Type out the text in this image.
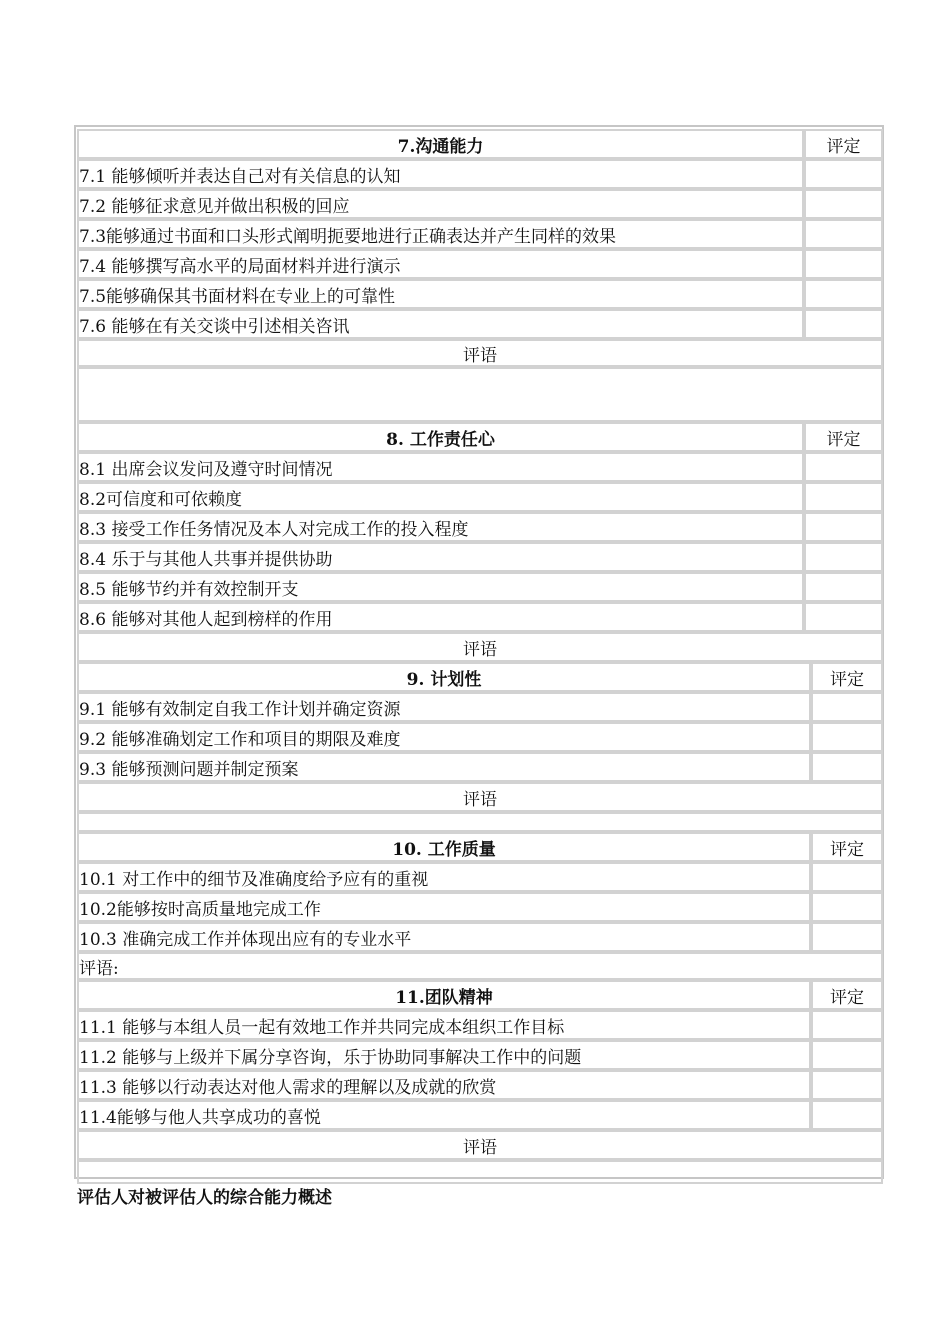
7.沟通能力	评定
7.1 能够倾听并表达自己对有关信息的认知
7.2 能够征求意见并做出积极的回应
7.3能够通过书面和口头形式阐明扼要地进行正确表达并产生同样的效果
7.4 能够撰写高水平的局面材料并进行演示
7.5能够确保其书面材料在专业上的可靠性
7.6 能够在有关交谈中引述相关咨讯
评语
8. 工作责任心	评定
8.1 出席会议发问及遵守时间情况
8.2可信度和可依赖度
8.3 接受工作任务情况及本人对完成工作的投入程度
8.4 乐于与其他人共事并提供协助
8.5 能够节约并有效控制开支
8.6 能够对其他人起到榜样的作用
评语
9. 计划性	评定
9.1 能够有效制定自我工作计划并确定资源
9.2 能够准确划定工作和项目的期限及难度
9.3 能够预测问题并制定预案
评语
10. 工作质量	评定
10.1 对工作中的细节及准确度给予应有的重视
10.2能够按时高质量地完成工作
10.3 准确完成工作并体现出应有的专业水平
评语:
11.团队精神	评定
11.1 能够与本组人员一起有效地工作并共同完成本组织工作目标
11.2 能够与上级并下属分享咨询，乐于协助同事解决工作中的问题
11.3 能够以行动表达对他人需求的理解以及成就的欣赏
11.4能够与他人共享成功的喜悦
评语
评估人对被评估人的综合能力概述
